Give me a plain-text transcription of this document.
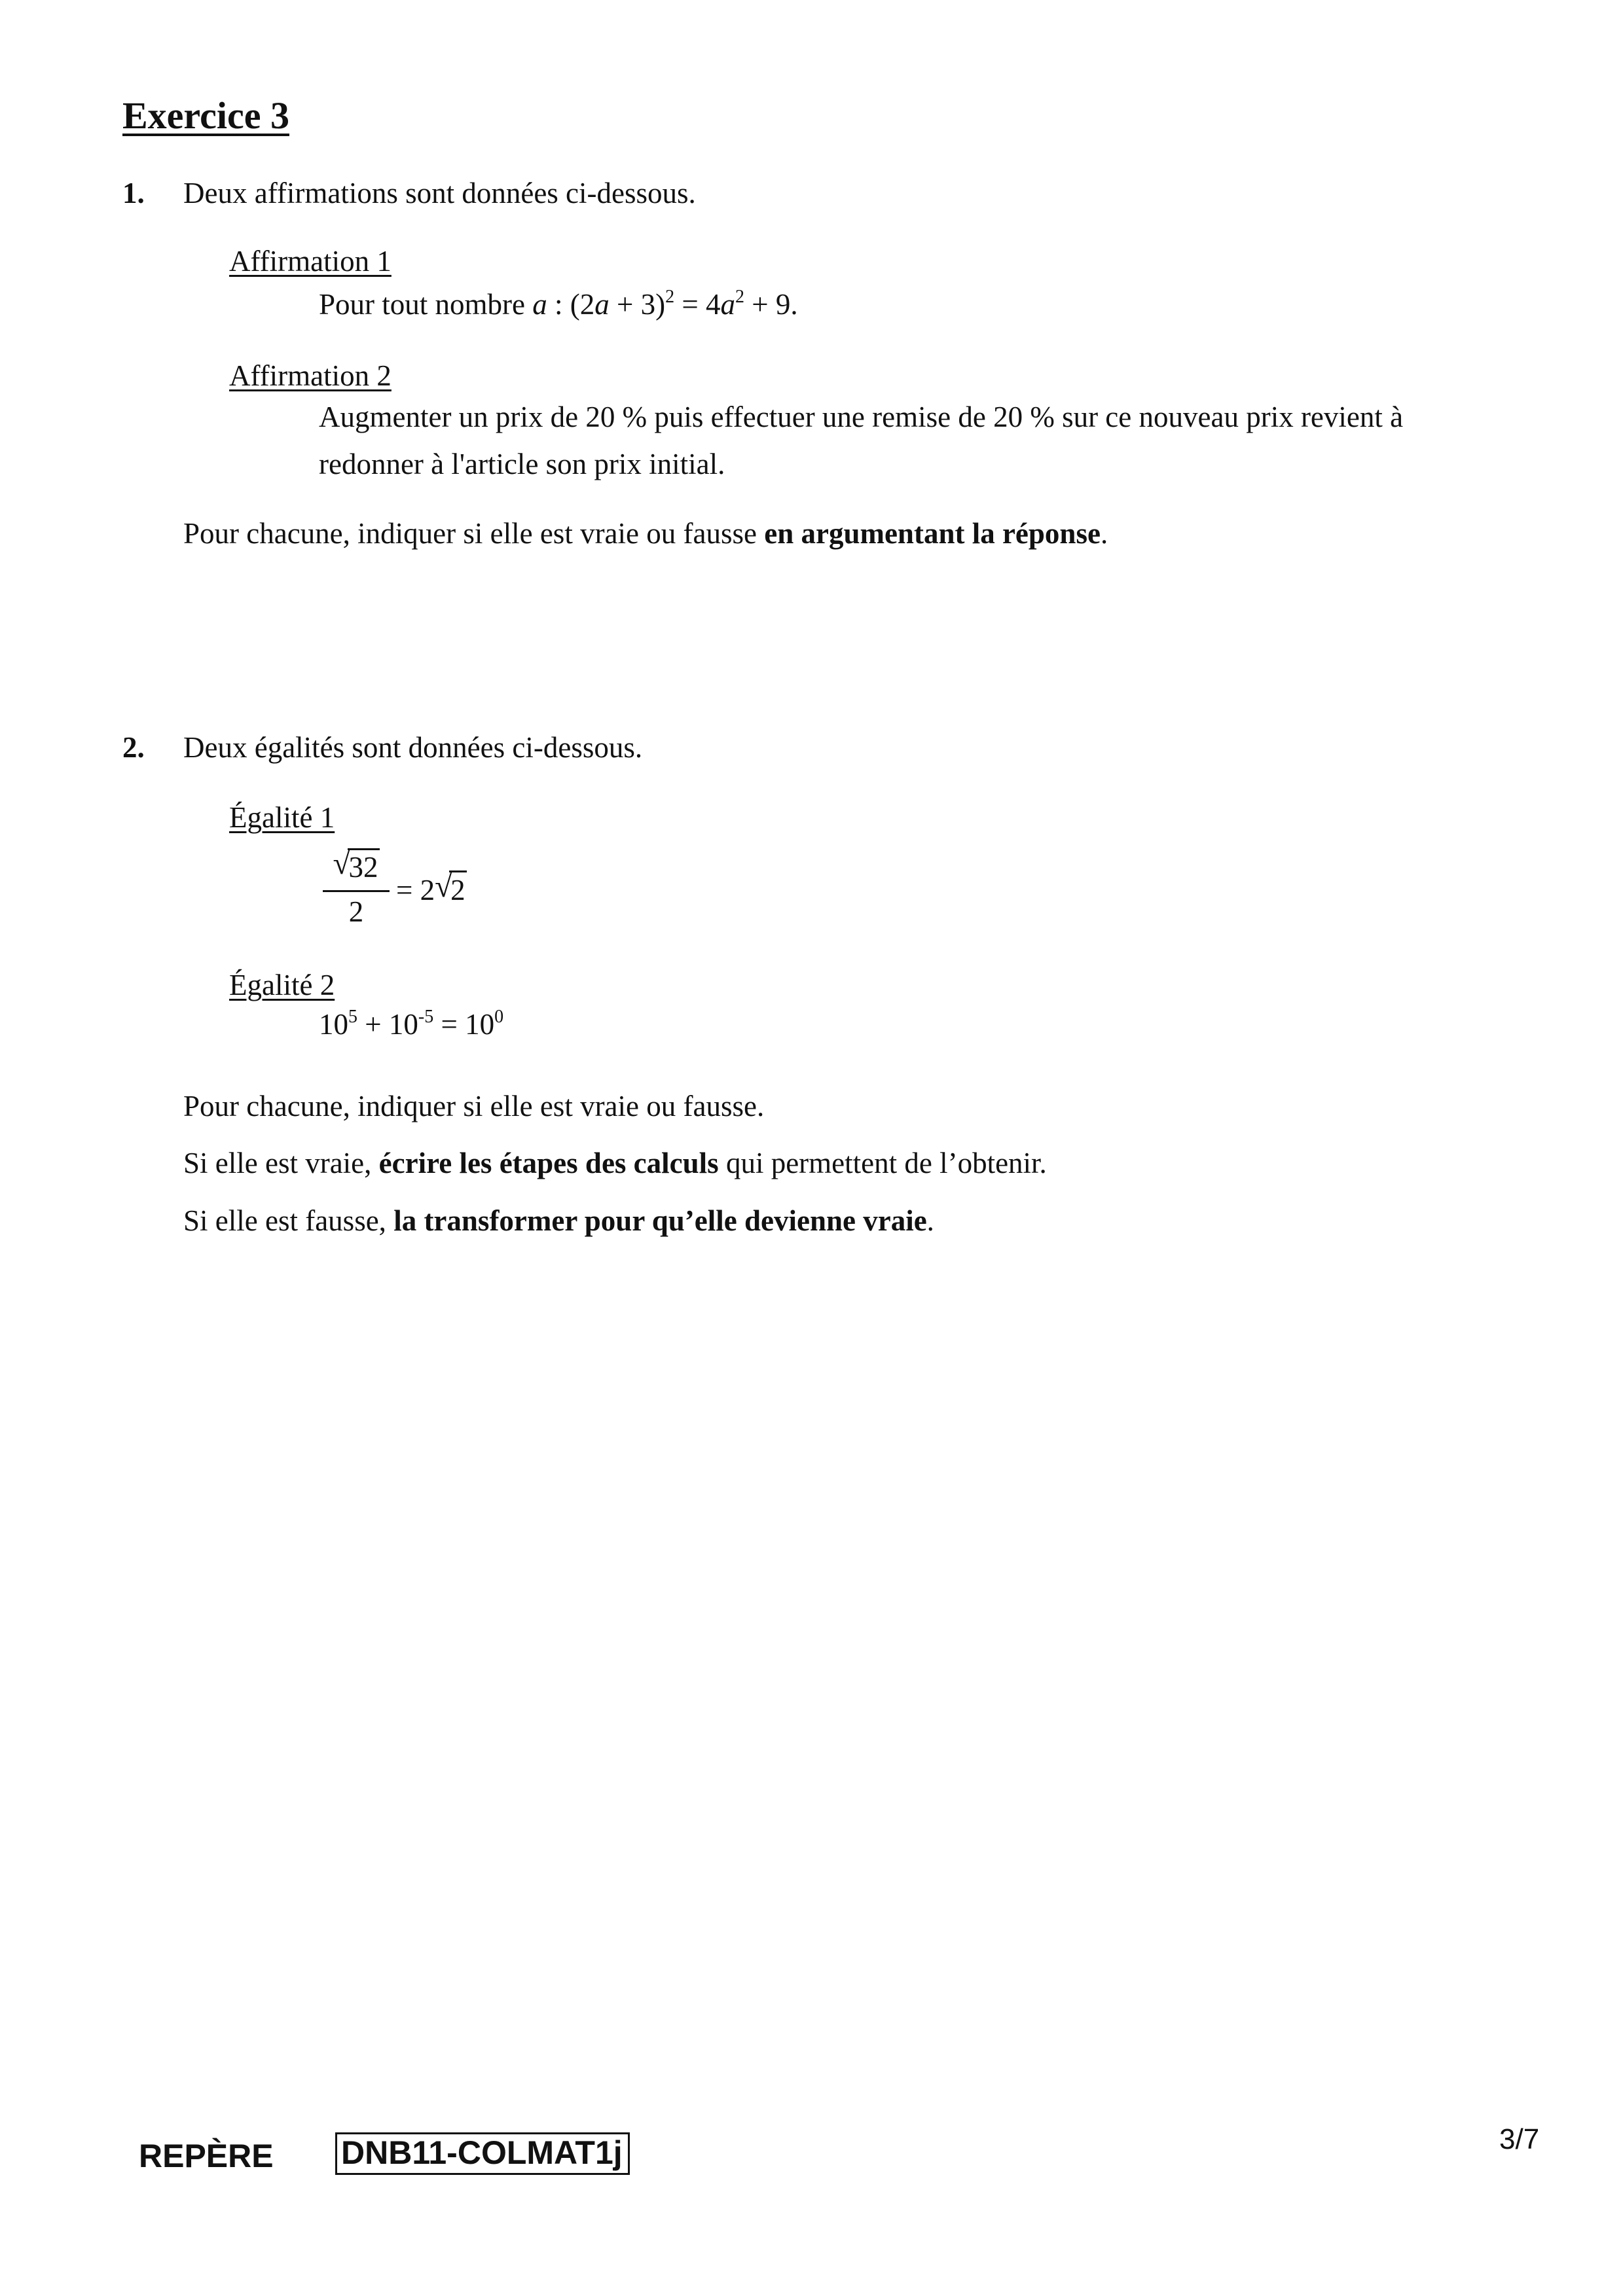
Exercice 3
1. Deux affirmations sont données ci-dessous.
Affirmation 1
Pour tout nombre a : $(2a + 3)^2 = 4a^2 + 9$.
Affirmation 2
Augmenter un prix de 20 % puis effectuer une remise de 20 % sur ce nouveau prix revient à
redonner à l'article son prix initial.
Pour chacune, indiquer si elle est vraie ou fausse en argumentant la réponse.
2. Deux égalités sont données ci-dessous.
Égalité 1
√
32
2
= 2 √
2
Égalité 2
$10^5 + 10^{-5} = 10^0$
Pour chacune, indiquer si elle est vraie ou fausse.
Si elle est vraie, écrire les étapes des calculs qui permettent de l’obtenir.
Si elle est fausse, la transformer pour qu’elle devienne vraie.
REPÈRE DNB11-COLMAT1j	3/7
